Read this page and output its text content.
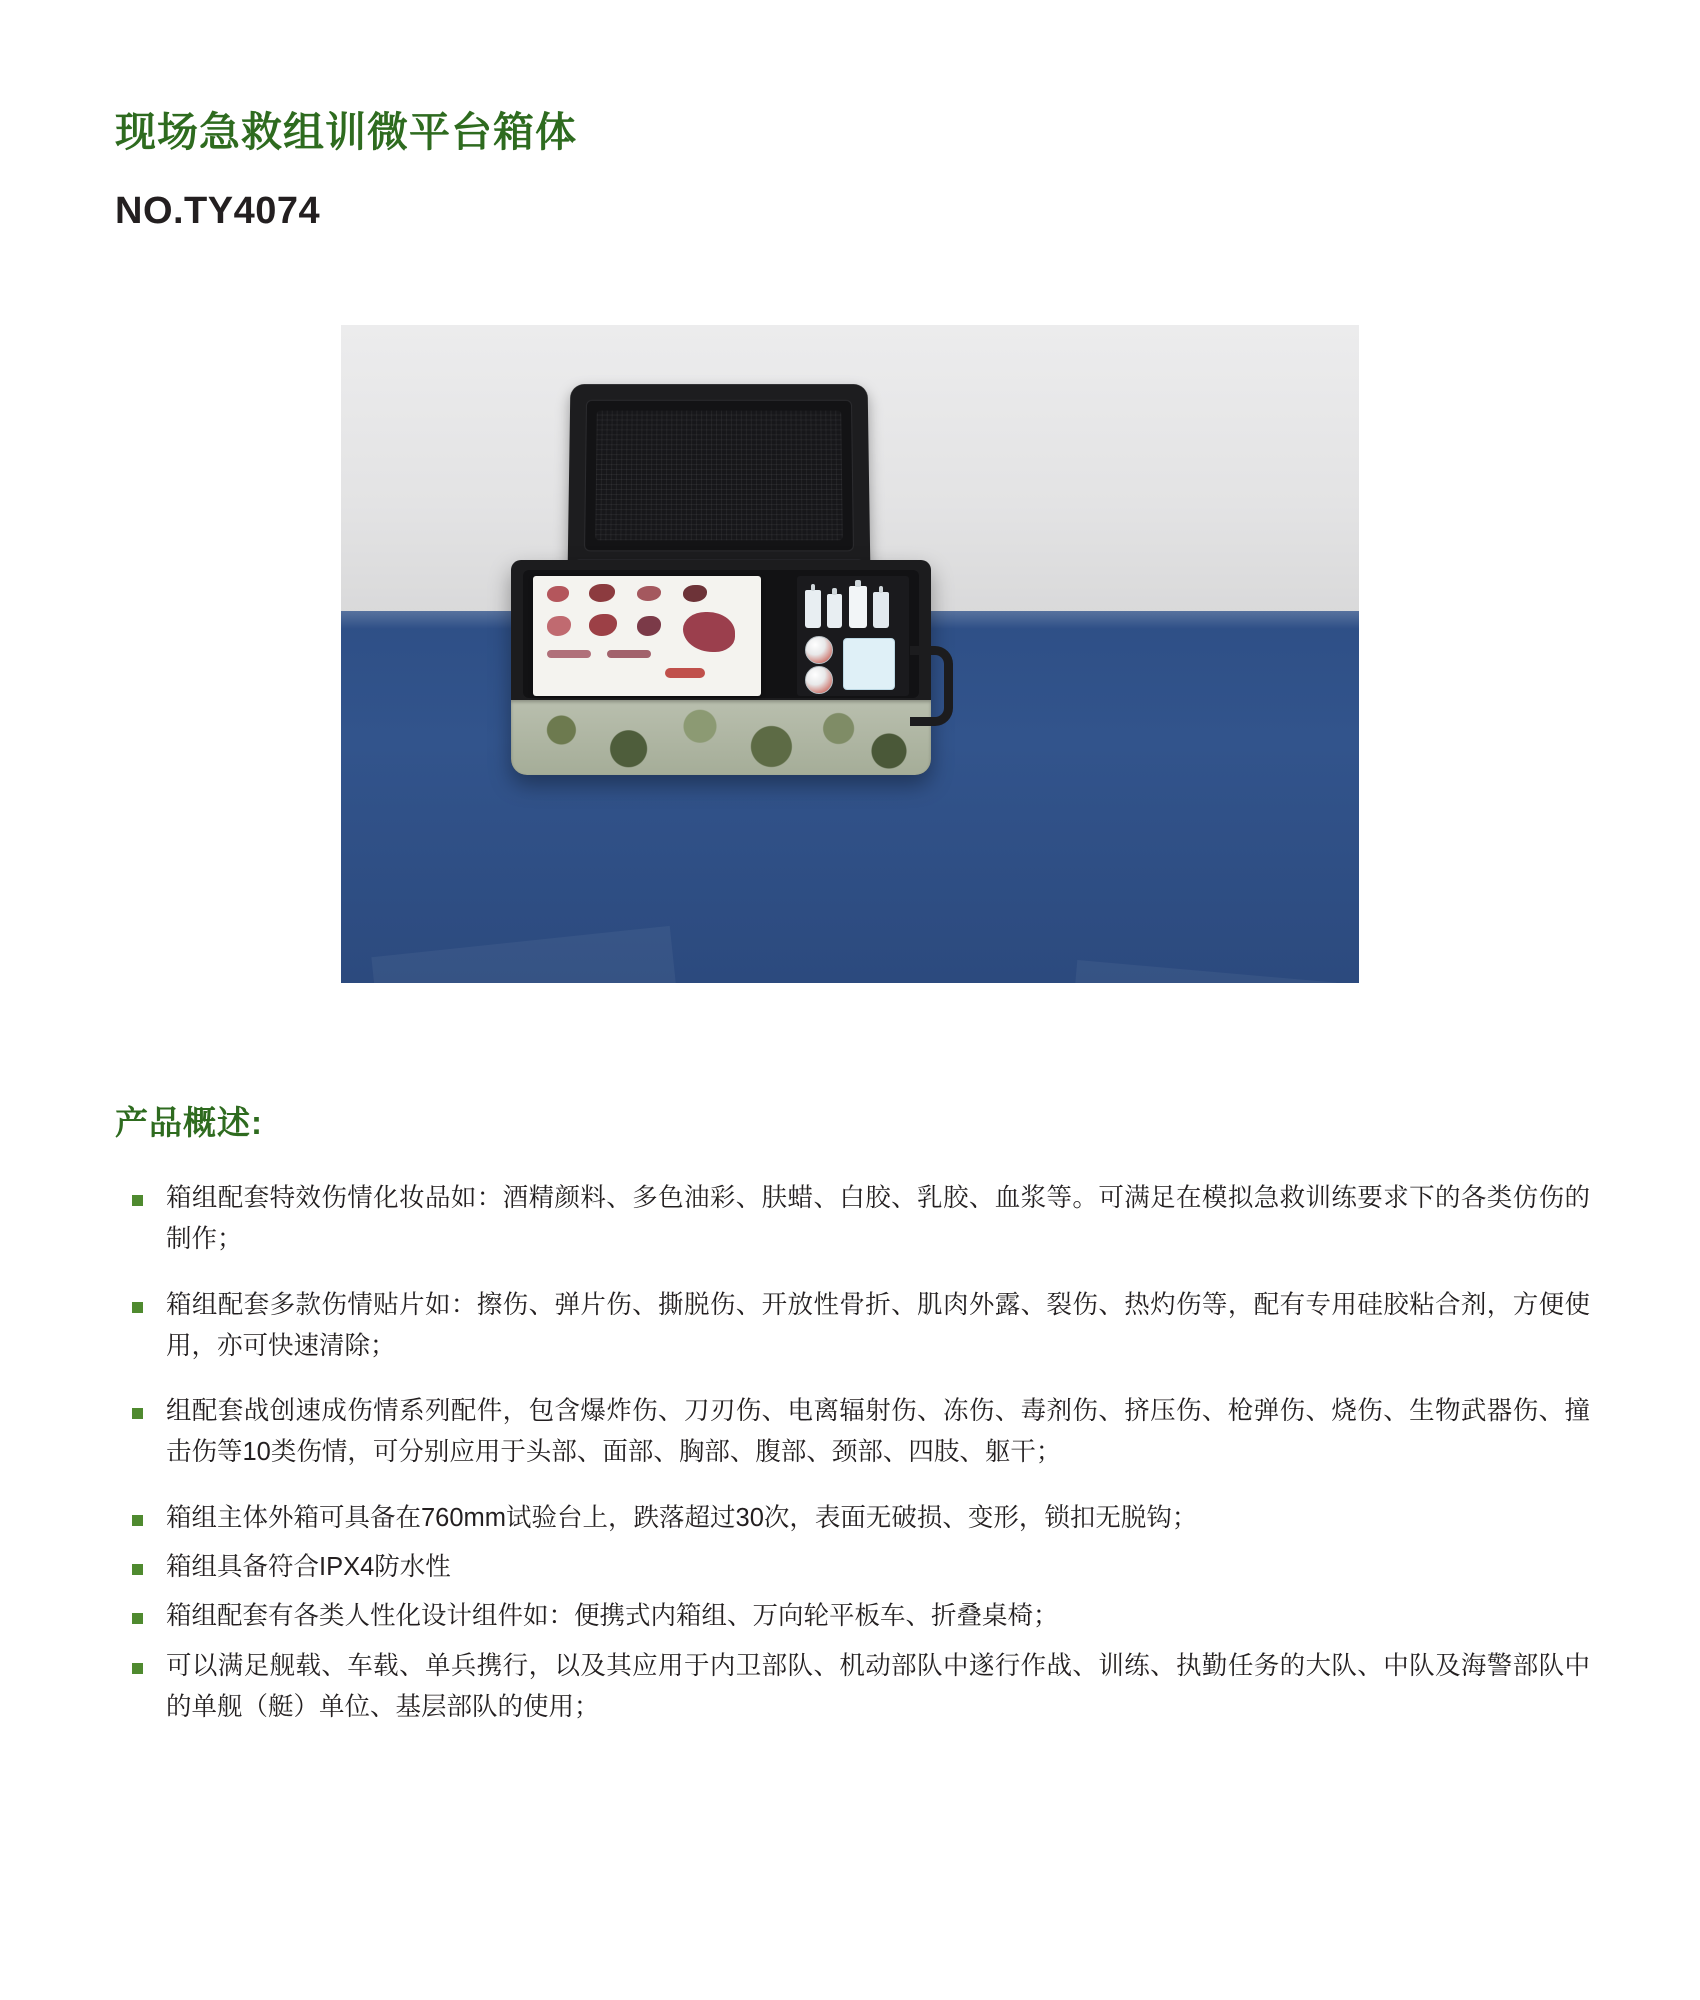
现场急救组训微平台箱体
NO.TY4074
产品概述:
箱组配套特效伤情化妆品如：酒精颜料、多色油彩、肤蜡、白胶、乳胶、血浆等。可满足在模拟急救训练要求下的各类仿伤的制作；
箱组配套多款伤情贴片如：擦伤、弹片伤、撕脱伤、开放性骨折、肌肉外露、裂伤、热灼伤等，配有专用硅胶粘合剂，方便使用，亦可快速清除；
组配套战创速成伤情系列配件，包含爆炸伤、刀刃伤、电离辐射伤、冻伤、毒剂伤、挤压伤、枪弹伤、烧伤、生物武器伤、撞击伤等10类伤情，可分别应用于头部、面部、胸部、腹部、颈部、四肢、躯干；
箱组主体外箱可具备在760mm试验台上，跌落超过30次，表面无破损、变形，锁扣无脱钩；
箱组具备符合IPX4防水性
箱组配套有各类人性化设计组件如：便携式内箱组、万向轮平板车、折叠桌椅；
可以满足舰载、车载、单兵携行，以及其应用于内卫部队、机动部队中遂行作战、训练、执勤任务的大队、中队及海警部队中的单舰（艇）单位、基层部队的使用；
